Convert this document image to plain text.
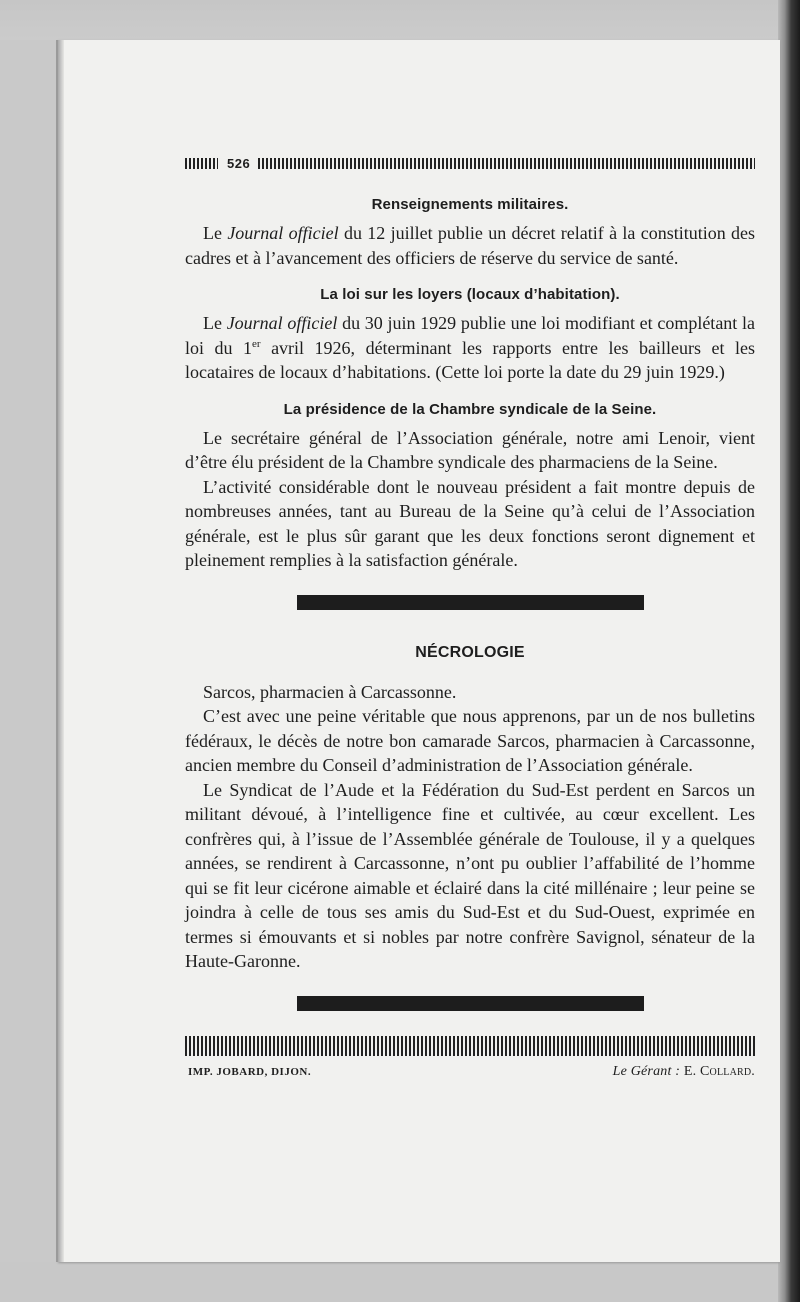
526
Renseignements militaires.

Le Journal officiel du 12 juillet publie un décret relatif à la constitution des cadres et à l’avancement des officiers de réserve du service de santé.

La loi sur les loyers (locaux d’habitation).

Le Journal officiel du 30 juin 1929 publie une loi modifiant et complétant la loi du 1er avril 1926, déterminant les rapports entre les bailleurs et les locataires de locaux d’habitations. (Cette loi porte la date du 29 juin 1929.)

La présidence de la Chambre syndicale de la Seine.

Le secrétaire général de l’Association générale, notre ami Lenoir, vient d’être élu président de la Chambre syndicale des pharmaciens de la Seine.

L’activité considérable dont le nouveau président a fait montre depuis de nombreuses années, tant au Bureau de la Seine qu’à celui de l’Association générale, est le plus sûr garant que les deux fonctions seront dignement et pleinement remplies à la satisfaction générale.

NÉCROLOGIE

Sarcos, pharmacien à Carcassonne.

C’est avec une peine véritable que nous apprenons, par un de nos bulletins fédéraux, le décès de notre bon camarade Sarcos, pharmacien à Carcassonne, ancien membre du Conseil d’administration de l’Association générale.

Le Syndicat de l’Aude et la Fédération du Sud-Est perdent en Sarcos un militant dévoué, à l’intelligence fine et cultivée, au cœur excellent. Les confrères qui, à l’issue de l’Assemblée générale de Toulouse, il y a quelques années, se rendirent à Carcassonne, n’ont pu oublier l’affabilité de l’homme qui se fit leur cicérone aimable et éclairé dans la cité millénaire ; leur peine se joindra à celle de tous ses amis du Sud-Est et du Sud-Ouest, exprimée en termes si émouvants et si nobles par notre confrère Savignol, sénateur de la Haute-Garonne.

IMP. JOBARD, DIJON.	Le Gérant : E. Collard.
